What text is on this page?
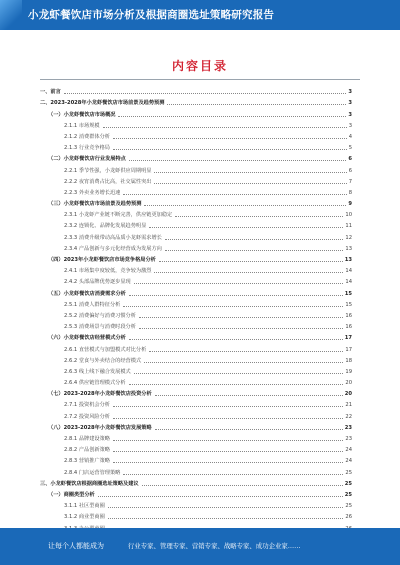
小龙虾餐饮店市场分析及根据商圈选址策略研究报告
内容目录
一、前言	3
二、2023-2028年小龙虾餐饮店市场前景及趋势预测	3
（一）小龙虾餐饮店市场概况	3
2.1.1 市场规模	3
2.1.2 消费群体分析	4
2.1.3 行业竞争格局	5
（二）小龙虾餐饮店行业发展特点	6
2.2.1 季节性强，小龙虾供应周期明显	6
2.2.2 夜宵消费占比高，社交属性突出	7
2.2.3 外卖业务增长迅速	8
（三）小龙虾餐饮店市场前景及趋势预测	9
2.3.1 小龙虾产业链不断完善，供应链更加稳定	10
2.3.2 连锁化、品牌化发展趋势明显	11
2.3.3 消费升级带动高品质小龙虾需求增长	12
2.3.4 产品创新与多元化经营成为发展方向	13
（四）2023年小龙虾餐饮店市场竞争格局分析	13
2.4.1 市场集中度较低，竞争较为激烈	14
2.4.2 头部品牌优势逐步显现	14
（五）小龙虾餐饮店消费需求分析	15
2.5.1 消费人群特征分析	15
2.5.2 消费偏好与消费习惯分析	16
2.5.3 消费场景与消费时段分析	16
（六）小龙虾餐饮店经营模式分析	17
2.6.1 直营模式与加盟模式对比分析	17
2.6.2 堂食与外卖结合的经营模式	18
2.6.3 线上线下融合发展模式	19
2.6.4 供应链管理模式分析	20
（七）2023-2028年小龙虾餐饮店投资分析	20
2.7.1 投资机会分析	21
2.7.2 投资风险分析	22
（八）2023-2028年小龙虾餐饮店发展策略	23
2.8.1 品牌建设策略	23
2.8.2 产品创新策略	24
2.8.3 营销推广策略	24
2.8.4 门店运营管理策略	25
三、小龙虾餐饮店根据商圈选址策略及建议	25
（一）商圈类型分析	25
3.1.1 社区型商圈	25
3.1.2 商业型商圈	26
让每个人都能成为	行业专家、管理专家、营销专家、战略专家、成功企业家……
